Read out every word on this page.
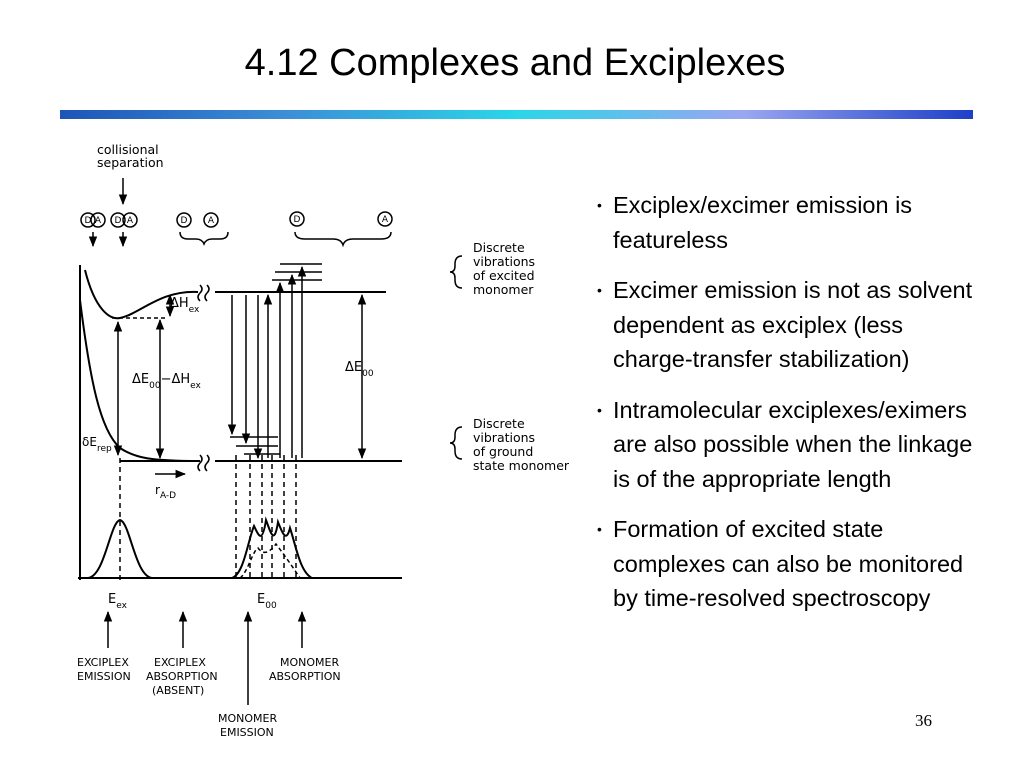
4.12 Complexes and Exciplexes
D A D A	D A	D	A
collisional
separation
$\Delta H_{ex}$
$\Delta E_{00}-\Delta H_{ex}$
$\Delta E_{00}$
$\delta E_{rep}$
$r_{A-D}$
Discrete
vibrations
of excited
monomer
Discrete
vibrations
of ground
state monomer
$E_{ex}$	$E_{00}$
EXCIPLEX
EMISSION
EXCIPLEX
ABSORPTION
(ABSENT)
MONOMER
ABSORPTION
MONOMER
EMISSION
• Exciplex/excimer emission is featureless
• Excimer emission is not as solvent dependent as exciplex (less charge-transfer stabilization)
• Intramolecular exciplexes/eximers are also possible when the linkage is of the appropriate length
• Formation of excited state complexes can also be monitored by time-resolved spectroscopy
36
